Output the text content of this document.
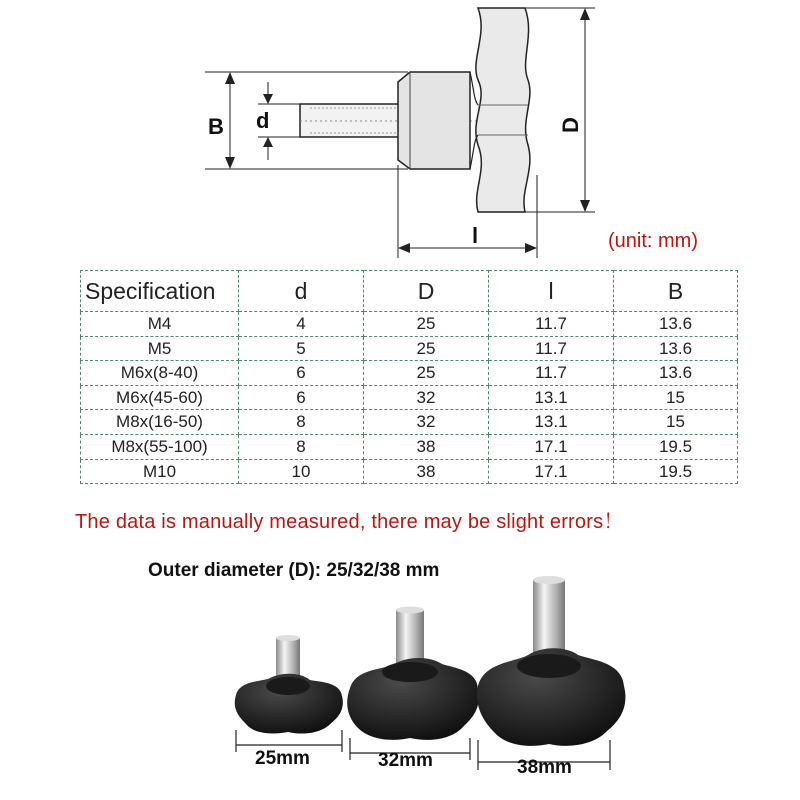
B d	D
l	(unit: mm)
Specification	d	D	l	B
M4	4	25	11.7	13.6
M5	5	25	11.7	13.6
M6x(8-40)	6	25	11.7	13.6
M6x(45-60)	6	32	13.1	15
M8x(16-50)	8	32	13.1	15
M8x(55-100)	8	38	17.1	19.5
M10	10	38	17.1	19.5
The data is manually measured, there may be slight errors！
Outer diameter (D): 25/32/38 mm
25mm	32mm	38mm
